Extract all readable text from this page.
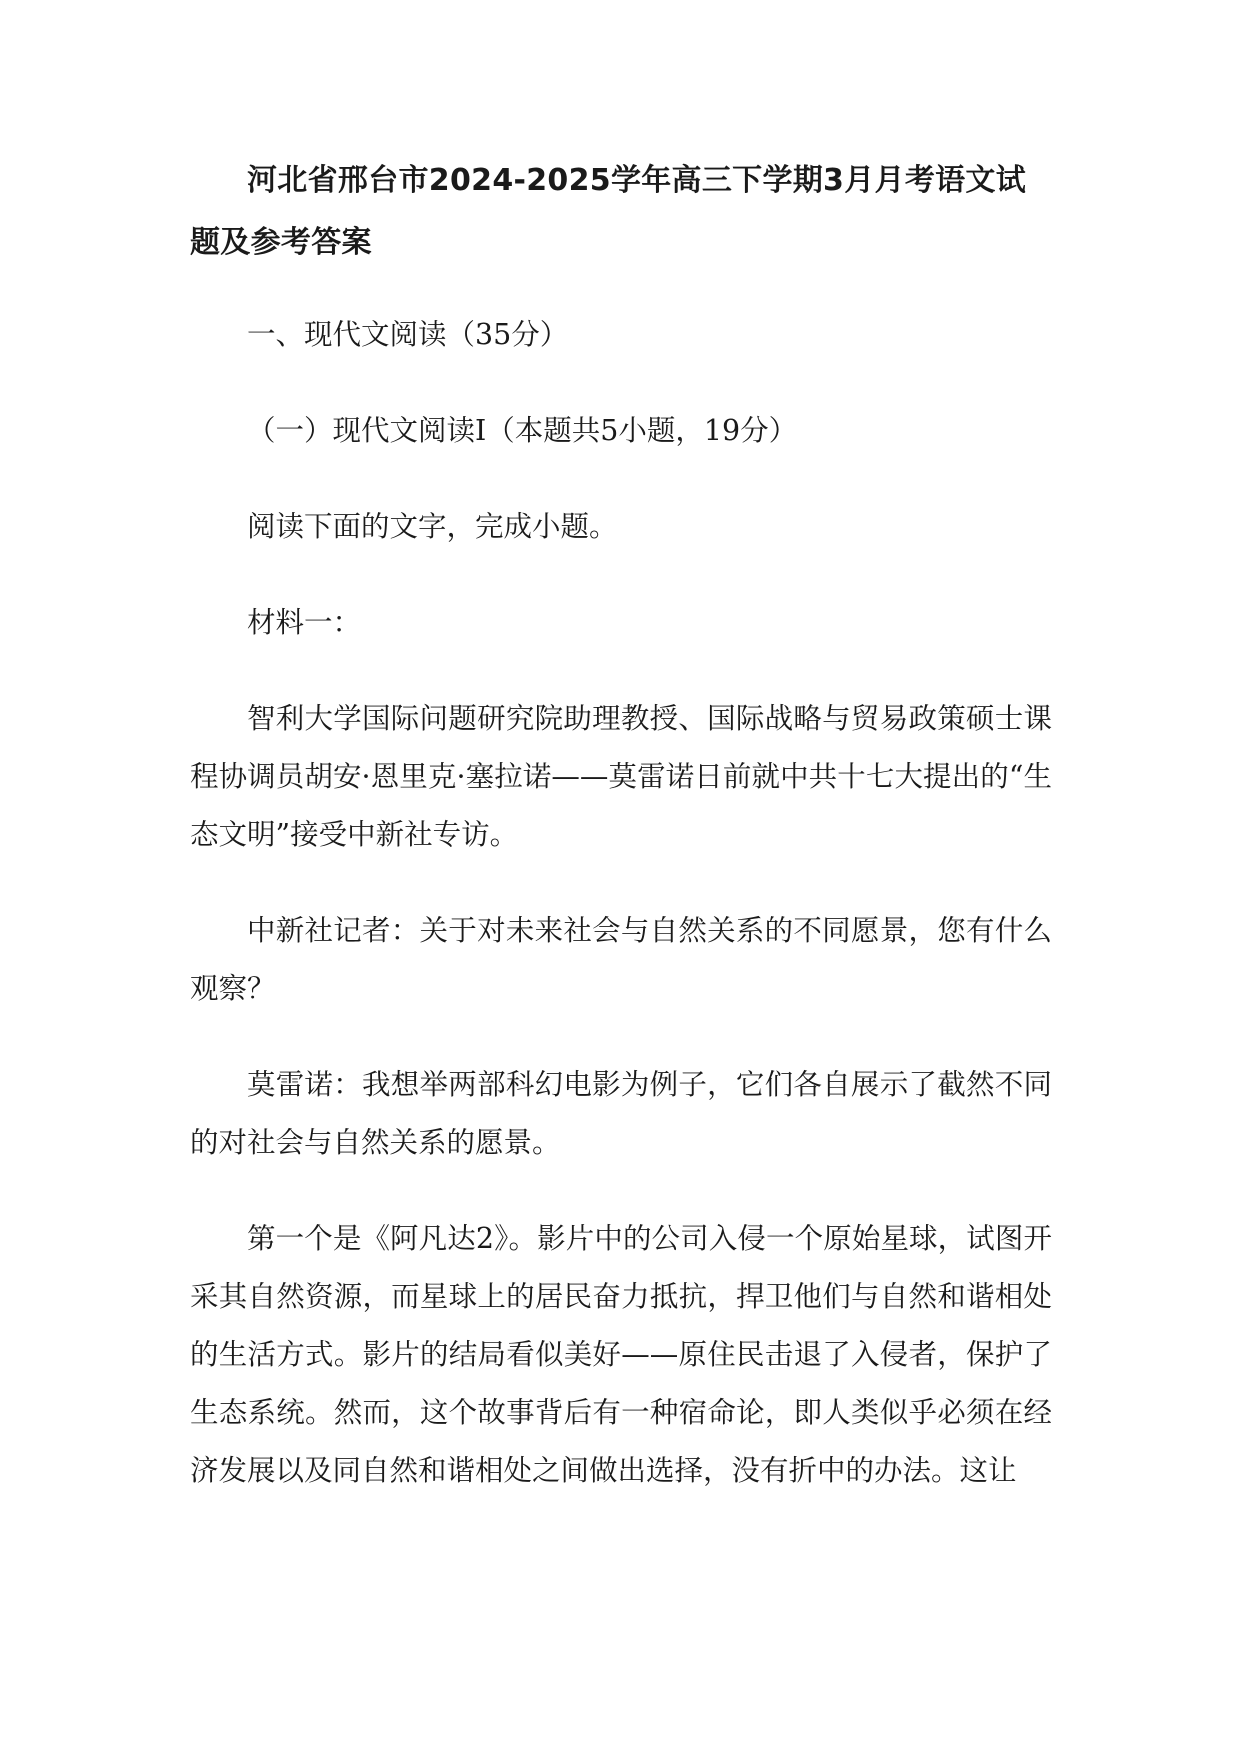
河北省邢台市2024-2025学年高三下学期3月月考语文试题及参考答案

一、现代文阅读（35分）

（一）现代文阅读Ⅰ（本题共5小题，19分）

阅读下面的文字，完成小题。

材料一：

智利大学国际问题研究院助理教授、国际战略与贸易政策硕士课程协调员胡安·恩里克·塞拉诺——莫雷诺日前就中共十七大提出的“生态文明”接受中新社专访。

中新社记者：关于对未来社会与自然关系的不同愿景，您有什么观察？

莫雷诺：我想举两部科幻电影为例子，它们各自展示了截然不同的对社会与自然关系的愿景。

第一个是《阿凡达2》。影片中的公司入侵一个原始星球，试图开采其自然资源，而星球上的居民奋力抵抗，捍卫他们与自然和谐相处的生活方式。影片的结局看似美好——原住民击退了入侵者，保护了生态系统。然而，这个故事背后有一种宿命论，即人类似乎必须在经济发展以及同自然和谐相处之间做出选择，没有折中的办法。这让
